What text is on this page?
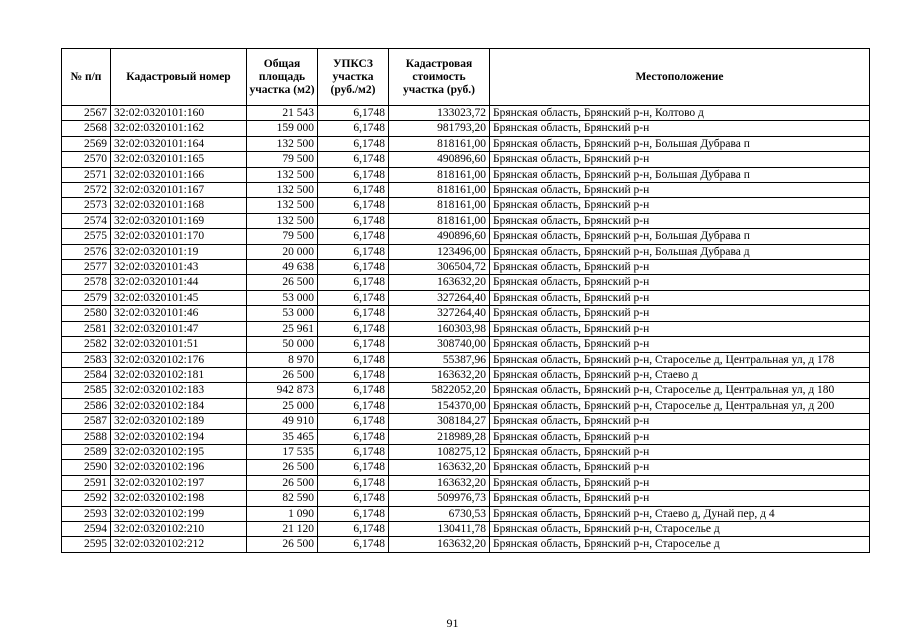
№ п/п	Кадастровый номер	Общая площадь участка (м2)	УПКСЗ участка (руб./м2)	Кадастровая стоимость участка (руб.)	Местоположение
2567	32:02:0320101:160	21 543	6,1748	133023,72	Брянская область, Брянский р-н, Колтово д
2568	32:02:0320101:162	159 000	6,1748	981793,20	Брянская область, Брянский р-н
2569	32:02:0320101:164	132 500	6,1748	818161,00	Брянская область, Брянский р-н, Большая Дубрава п
2570	32:02:0320101:165	79 500	6,1748	490896,60	Брянская область, Брянский р-н
2571	32:02:0320101:166	132 500	6,1748	818161,00	Брянская область, Брянский р-н, Большая Дубрава п
2572	32:02:0320101:167	132 500	6,1748	818161,00	Брянская область, Брянский р-н
2573	32:02:0320101:168	132 500	6,1748	818161,00	Брянская область, Брянский р-н
2574	32:02:0320101:169	132 500	6,1748	818161,00	Брянская область, Брянский р-н
2575	32:02:0320101:170	79 500	6,1748	490896,60	Брянская область, Брянский р-н, Большая Дубрава п
2576	32:02:0320101:19	20 000	6,1748	123496,00	Брянская область, Брянский р-н, Большая Дубрава д
2577	32:02:0320101:43	49 638	6,1748	306504,72	Брянская область, Брянский р-н
2578	32:02:0320101:44	26 500	6,1748	163632,20	Брянская область, Брянский р-н
2579	32:02:0320101:45	53 000	6,1748	327264,40	Брянская область, Брянский р-н
2580	32:02:0320101:46	53 000	6,1748	327264,40	Брянская область, Брянский р-н
2581	32:02:0320101:47	25 961	6,1748	160303,98	Брянская область, Брянский р-н
2582	32:02:0320101:51	50 000	6,1748	308740,00	Брянская область, Брянский р-н
2583	32:02:0320102:176	8 970	6,1748	55387,96	Брянская область, Брянский р-н, Староселье д, Центральная ул, д 178
2584	32:02:0320102:181	26 500	6,1748	163632,20	Брянская область, Брянский р-н, Стаево д
2585	32:02:0320102:183	942 873	6,1748	5822052,20	Брянская область, Брянский р-н, Староселье д, Центральная ул, д 180
2586	32:02:0320102:184	25 000	6,1748	154370,00	Брянская область, Брянский р-н, Староселье д, Центральная ул, д 200
2587	32:02:0320102:189	49 910	6,1748	308184,27	Брянская область, Брянский р-н
2588	32:02:0320102:194	35 465	6,1748	218989,28	Брянская область, Брянский р-н
2589	32:02:0320102:195	17 535	6,1748	108275,12	Брянская область, Брянский р-н
2590	32:02:0320102:196	26 500	6,1748	163632,20	Брянская область, Брянский р-н
2591	32:02:0320102:197	26 500	6,1748	163632,20	Брянская область, Брянский р-н
2592	32:02:0320102:198	82 590	6,1748	509976,73	Брянская область, Брянский р-н
2593	32:02:0320102:199	1 090	6,1748	6730,53	Брянская область, Брянский р-н, Стаево д, Дунай пер, д 4
2594	32:02:0320102:210	21 120	6,1748	130411,78	Брянская область, Брянский р-н, Староселье д
2595	32:02:0320102:212	26 500	6,1748	163632,20	Брянская область, Брянский р-н, Староселье д
91
